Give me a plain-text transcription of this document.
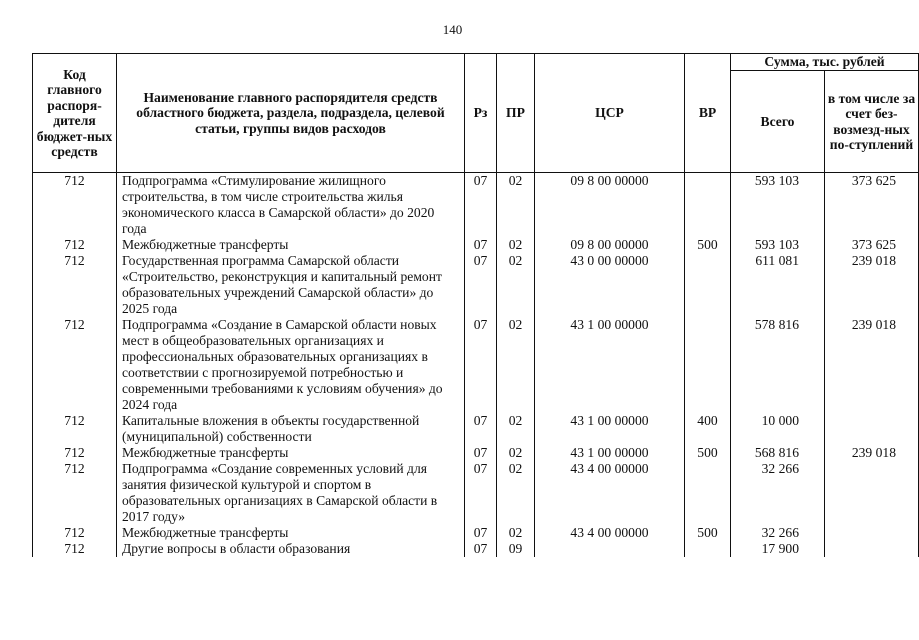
140
Код главного распоря-дителя бюджет-ных средств	Наименование главного распорядителя средств областного бюджета, раздела, подраздела, целевой статьи, группы видов расходов	Рз	ПР	ЦСР	ВР	Сумма, тыс. рублей	
						Всего	в том числе за счет без-возмезд-ных по-ступлений
712	Подпрограмма «Стимулирование жилищного строительства, в том числе строительства жилья экономического класса в Самарской области» до 2020 года	07	02	09 8 00 00000		593 103	373 625
712	Межбюджетные трансферты	07	02	09 8 00 00000	500	593 103	373 625
712	Государственная программа Самарской области «Строительство, реконструкция и капитальный ремонт образовательных учреждений Самарской области» до 2025 года	07	02	43 0 00 00000		611 081	239 018
712	Подпрограмма «Создание в Самарской области новых мест в общеобразовательных организациях и профессиональных образовательных организациях в соответствии с прогнозируемой потребностью и современными требованиями к условиям обучения» до 2024 года	07	02	43 1 00 00000		578 816	239 018
712	Капитальные вложения в объекты государственной (муниципальной) собственности	07	02	43 1 00 00000	400	10 000	
712	Межбюджетные трансферты	07	02	43 1 00 00000	500	568 816	239 018
712	Подпрограмма «Создание современных условий для занятия физической культурой и спортом в образовательных организациях в Самарской области в 2017 году»	07	02	43 4 00 00000		32 266	
712	Межбюджетные трансферты	07	02	43 4 00 00000	500	32 266	
712	Другие вопросы в области образования	07	09			17 900	
